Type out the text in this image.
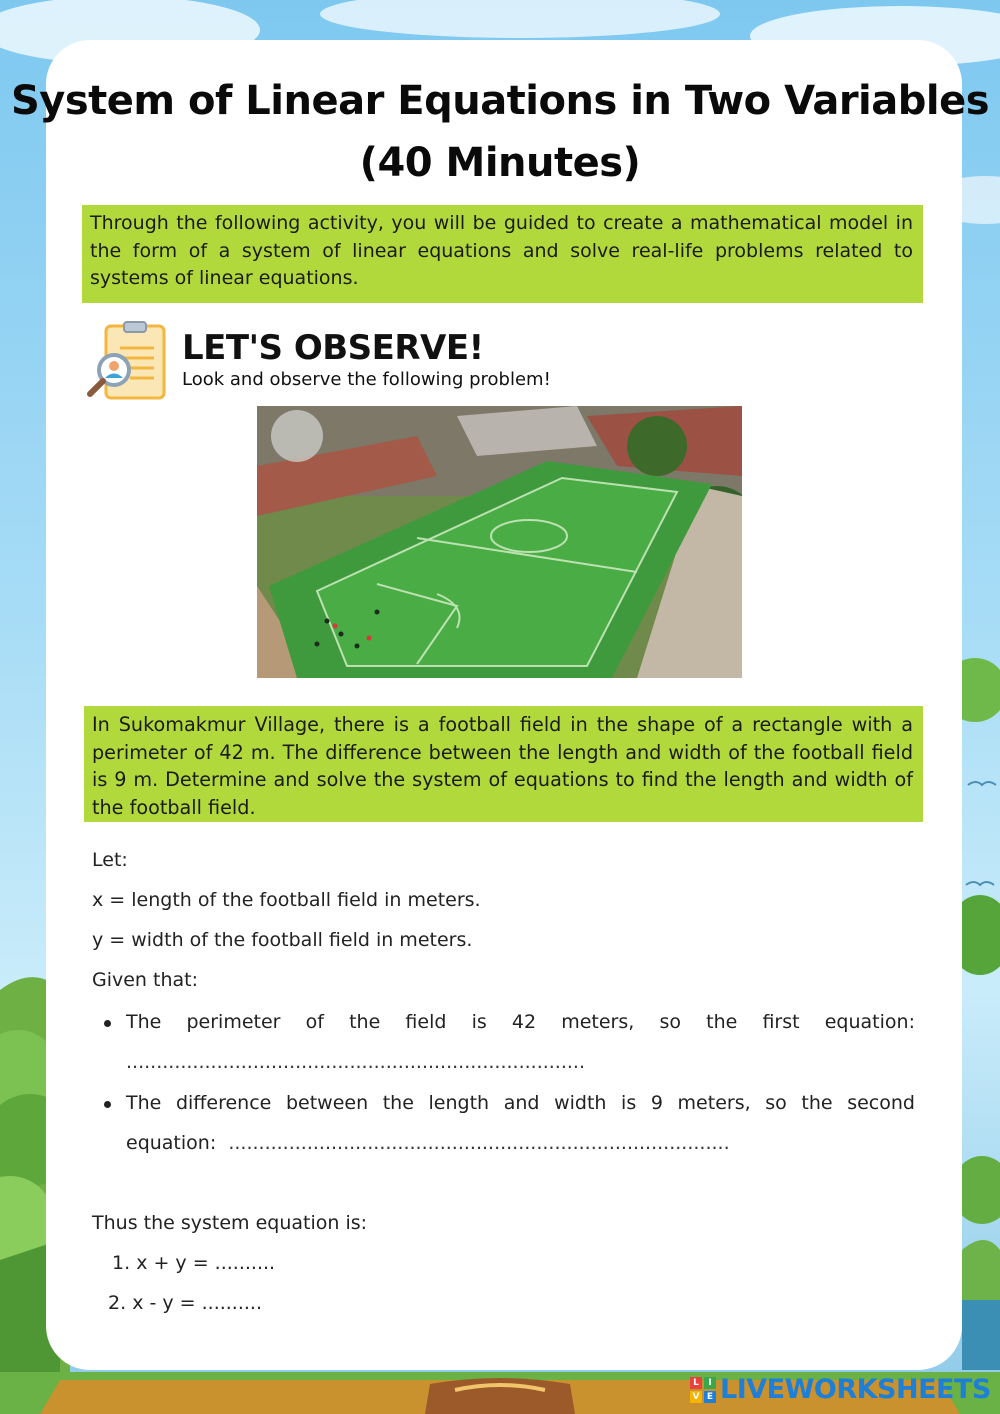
System of Linear Equations in Two Variables
(40 Minutes)
Through the following activity, you will be guided to create a mathematical model in the form of a system of linear equations and solve real-life problems related to systems of linear equations.
LET'S OBSERVE!
Look and observe the following problem!
In Sukomakmur Village, there is a football field in the shape of a rectangle with a perimeter of 42 m. The difference between the length and width of the football field is 9 m. Determine and solve the system of equations to find the length and width of the football field.
Let:
x = length of the football field in meters.
y = width of the football field in meters.
Given that:
The perimeter of the field is 42 meters, so the first equation:
............................................................................
The difference between the length and width is 9 meters, so the second
equation: ...................................................................................
Thus the system equation is:
1. x + y = ..........
2. x - y = ..........
L	I
V E LIVEWORKSHEETS
